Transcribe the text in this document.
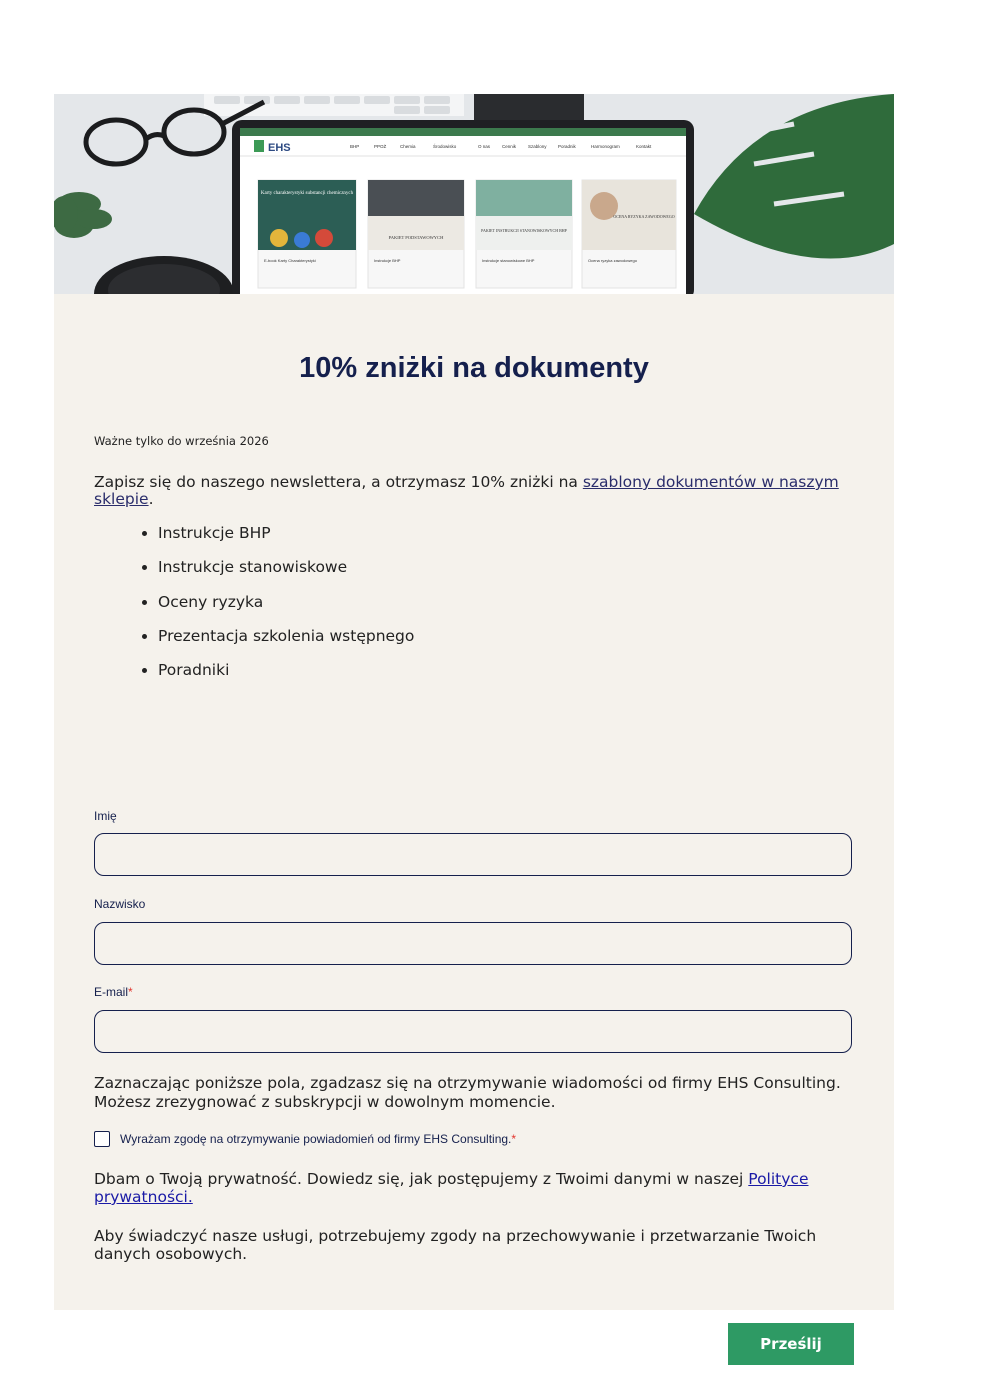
EHS	BHP	PPOŻ	Chemia	Środowisko	O nas	Cennik	Szablony	Poradnik	Harmonogram	Kontakt
Karty charakterystyki substancji chemicznych
E-book Karty Charakterystyki
PAKIET PODSTAWOWYCH
Instrukcje BHP
PAKIET INSTRUKCJI STANOWISKOWYCH BHP
Instrukcje stanowiskowe BHP
OCENA RYZYKA ZAWODOWEGO
Ocena ryzyka zawodowego
10% zniżki na dokumenty

Ważne tylko do września 2026

Zapisz się do naszego newslettera, a otrzymasz 10% zniżki na szablony dokumentów w naszym sklepie.

• Instrukcje BHP
• Instrukcje stanowiskowe
• Oceny ryzyka
• Prezentacja szkolenia wstępnego
• Poradniki

Imię

Nazwisko

E-mail*

Zaznaczając poniższe pola, zgadzasz się na otrzymywanie wiadomości od firmy EHS Consulting. Możesz zrezygnować z subskrypcji w dowolnym momencie.

Wyrażam zgodę na otrzymywanie powiadomień od firmy EHS Consulting.*

Dbam o Twoją prywatność. Dowiedz się, jak postępujemy z Twoimi danymi w naszej Polityce prywatności.

Aby świadczyć nasze usługi, potrzebujemy zgody na przechowywanie i przetwarzanie Twoich danych osobowych.

Prześlij
